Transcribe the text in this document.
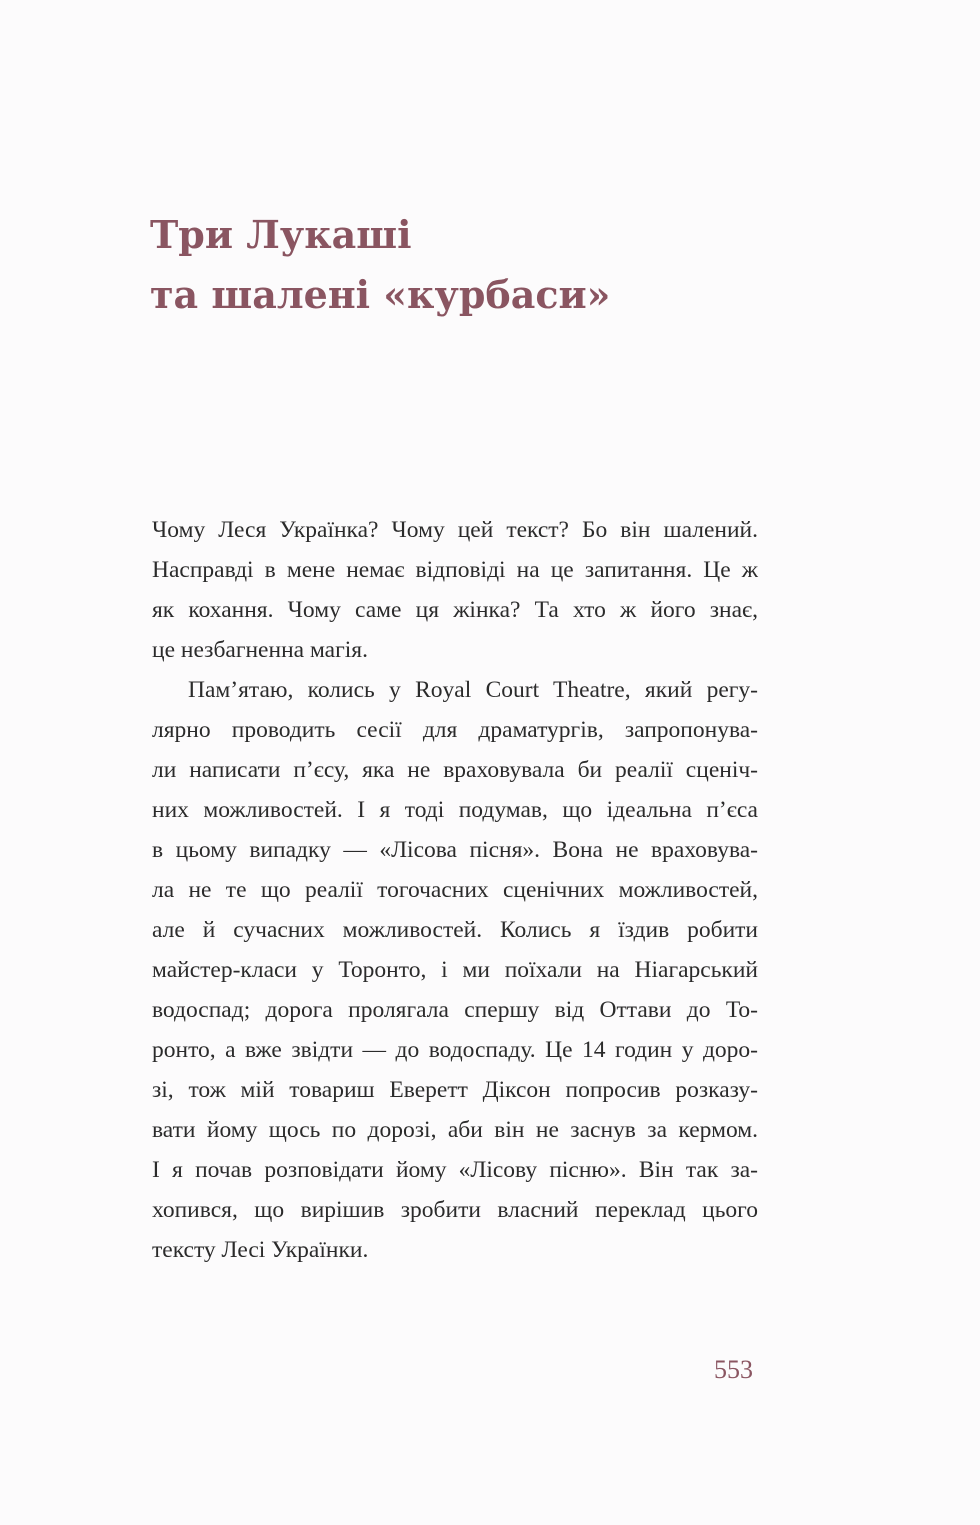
Три Лукаші
та шалені «курбаси»
Чому Леся Українка? Чому цей текст? Бо він шалений.
Насправді в мене немає відповіді на це запитання. Це ж
як кохання. Чому саме ця жінка? Та хто ж його знає,
це незбагненна магія.
Пам’ятаю, колись у Royal Court Theatre, який регу-
лярно проводить сесії для драматургів, запропонува-
ли написати п’єсу, яка не враховувала би реалії сценіч-
них можливостей. І я тоді подумав, що ідеальна п’єса
в цьому випадку — «Лісова пісня». Вона не враховува-
ла не те що реалії тогочасних сценічних можливостей,
але й сучасних можливостей. Колись я їздив робити
майстер-класи у Торонто, і ми поїхали на Ніагарський
водоспад; дорога пролягала спершу від Оттави до То-
ронто, а вже звідти — до водоспаду. Це 14 годин у доро-
зі, тож мій товариш Еверетт Діксон попросив розказу-
вати йому щось по дорозі, аби він не заснув за кермом.
І я почав розповідати йому «Лісову пісню». Він так за-
хопився, що вирішив зробити власний переклад цього
тексту Лесі Українки.
553
